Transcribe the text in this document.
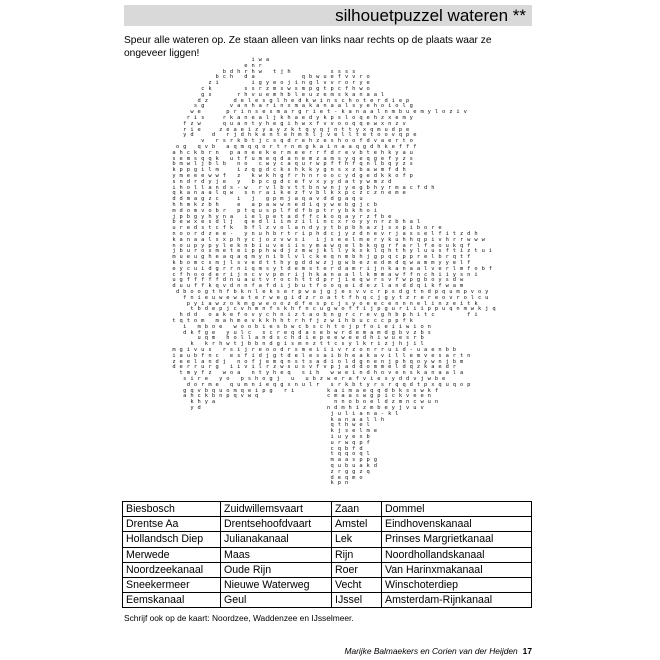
silhouetpuzzel wateren **

Speur alle wateren op. Ze staan alleen van links naar rechts op de plaats waar ze ongeveer liggen!

i w a
e n r
b d h r h w   t j h           s s s s
b c h   d a             q b w u e f v v r o
z i         i g y e o j i n g l v v r o r y e
c k         s s r z m s w s m p g t p c f h w o
g s       r h v u e m h b l e u z e m s k a n a a l
d z       d e l e s g l h e d k w i n s c h o t e r d i e p
s g       v a n h a r i n x m a k a n a a l s y e h o i o l g
w e       p r i n s e s m a r g r i e t - k a n a a l n m b u e m y l o z i v
r i s     r k a n e a l j k h a e d y k p s l o q e h z x e m y
f z w      q u a n t y h e g i h w x f v v o o q q e w x n z v
r i e     z e a e i z y a y z k t q y q j n t t y x q m u d p e
y d     d   r j d h k e n t e h m h l j v e l l t e t o o v q p e
v   r s r k b t j c s q d r e h z e s h o o f d v a e r t o
o g   q v b   a q m q q o r t r n m g k a i n a a q g d h k e f f f
a h c k b r n   p a n e e k e r m e e r r f d r e v b t e h k y a u
s e m s q q k   u t f u m e q d a n e m z a m s y q e q g e f y z s
b m w l j b l b   n o   c w y c a q u r w p f f h f q n l b q y z s
k p p g i l m     i z q g d c k s h k k y g n s x z b a w m f d h
y m e e e w w f   z   k w k h g f r h n r o o c y d g e d k k o f p
s n d r d y j e   y   b p c g d c e f v x y y d a t y w m z d
i h o l l a n d s - w   r v l b v t t b n w n j y e g b h y r m a c f d h
q k a n a a l q w   s n r a i k e z f v b l k x p c z c z n e m e
d d m a g z c     i   j   g p m j a q a v d d g a q u
h h m k z b h     e   a p a w w n e d i q y w e b g j c b
m d o m v o b r   p t q u s p l f d f b p t r y b k h o i
j p b g y h y n a   i e l p e t a d f f c k o q a y r z f b e
b e w x e s d l j   q e d l i i m z i l i n c x r o y y n r z b h a l
u r e d s t c f k   b f l z v o l a n d y y t b p b h a z j s x p i b o r e
n o o r d z e e -   y n u h b r t r i p h d c j y z d n e v r j a s s e l f i t z d h
k a n a a l s x p h y c j o z v w s i   i j s e e l m e r y k u h h q p i v h r r w w w
n o u p y p y l e k n b i u v e i i s y m a w q e l b k q g r f a r l f e o u k q f
j b u r o s m e t e i p p h w d j z m w j k l l y k x k l q h t h y l u u s f t i z t u i
m u e u g h e a q a q m y n i b l v l c k e q n m b h j g p q c p p r e l b r q t f
k b o m c s m j l s v e d t t h y g d d w z j g w b e z e d m d q w a m m y y e l f
e y c u i d g r r n i q m s y t d e m s t e r d a m r i j n k a n a a l v e r l m f o b f
c f h o o d e r i j n c v v p m r i j h k a n a a l l k m m a w f f n c h i i y s n i
u g f f f f f d n u a u t v r o c h t t d p r j i e q w r s v f w p g b o y s d w
d u u f f k q v d n n f a f d i j b u t f o o q e i d e z l a n d d q i k f w a m
d b o o g t h f b k n l e k s e r p w a j g j e s v v c r p s d g t n d p q u m p v o y
f n i e u w e w a t e r w e g i d z r o a t t f h q c j g y t z r e r e o v r o l c u
p y i a w z o k m g w e o o z d f e s p c j s y o e e c e n n n e l i n z e i t k
t b d e p j c v h m n f s k h f n c u g w o f f i j p g u r i i i p p u q n m w k j q
h d d   o a k e f o v y c h n i z t a o b n g r c r e v g h b p h i t c         f i
t q t o m   m a h m e v k k h h t r h f j z w i h b u c c c p p f k
i   m b o e   w o o b i e s b w c b s c h t o j p f o i e i i w i o n
d k f g e   y u l c   s c r e q d a s e b w r d e m a m d g b v z b s
u q m   h o l l a n d s c h d i e p e e w e e d h i w u e s r b
k   k r h w t j b b n d g i s m n z t t c s y l k r i z j h j i l
m g i v u s   r s i j r e o o d r s m e i i i v r z o n r r u i d - u a e n b b
i a u b f n c   e s f i d j g t d e l e s a i b h e a k a v i l l e m v e s a r t n
z e e l a n d j   n o f j e m q n s t s a d i o l d g n e n j p h q o y w n j b m
d e r r u r g   i i v i l r z w s u s v f v p j a d d o m m e l d q z k a e d r
t m y f z   w o a   n t y h e q   s i h   w w e i n d h o v e n s k a n a a l a
s i r e   y o   p s h o g j   u   u b z w e r a f v i e s y d d v j w b e
d o r m e   q u m n i e q g x n u l r   s r k b t y r s r q q d t p x q u q o p
g q v b q u o m q e i p g   r i         k a i m a e q q d b k s x w k f
a h c k b n p q v w q                   c m a a s w g p i c k v e e n
k h y a                                 n n o b o e l d z m n c w u n
y d                                   n d m h i z m b e y j v u v
j u l i a n a - k l
k a n a a l l h
q t h w e l
k j s e l m e
i u y e x b
u r w q p f
c q b f d
t q q o q l
m a a s p p g
q u b u a k d
z r g g z q
d e q m o
k p n
Biesbosch	Zuidwillemsvaart	Zaan	Dommel
Drentse Aa	Drentsehoofdvaart	Amstel	Eindhovenskanaal
Hollandsch Diep	Julianakanaal	Lek	Prinses Margrietkanaal
Merwede	Maas	Rijn	Noordhollandskanaal
Noordzeekanaal	Oude Rijn	Roer	Van Harinxmakanaal
Sneekermeer	Nieuwe Waterweg	Vecht	Winschoterdiep
Eemskanaal	Geul	IJssel	Amsterdam-Rijnkanaal

Schrijf ook op de kaart: Noordzee, Waddenzee en IJsselmeer.

Marijke Balmaekers en Corien van der Heijden 17
